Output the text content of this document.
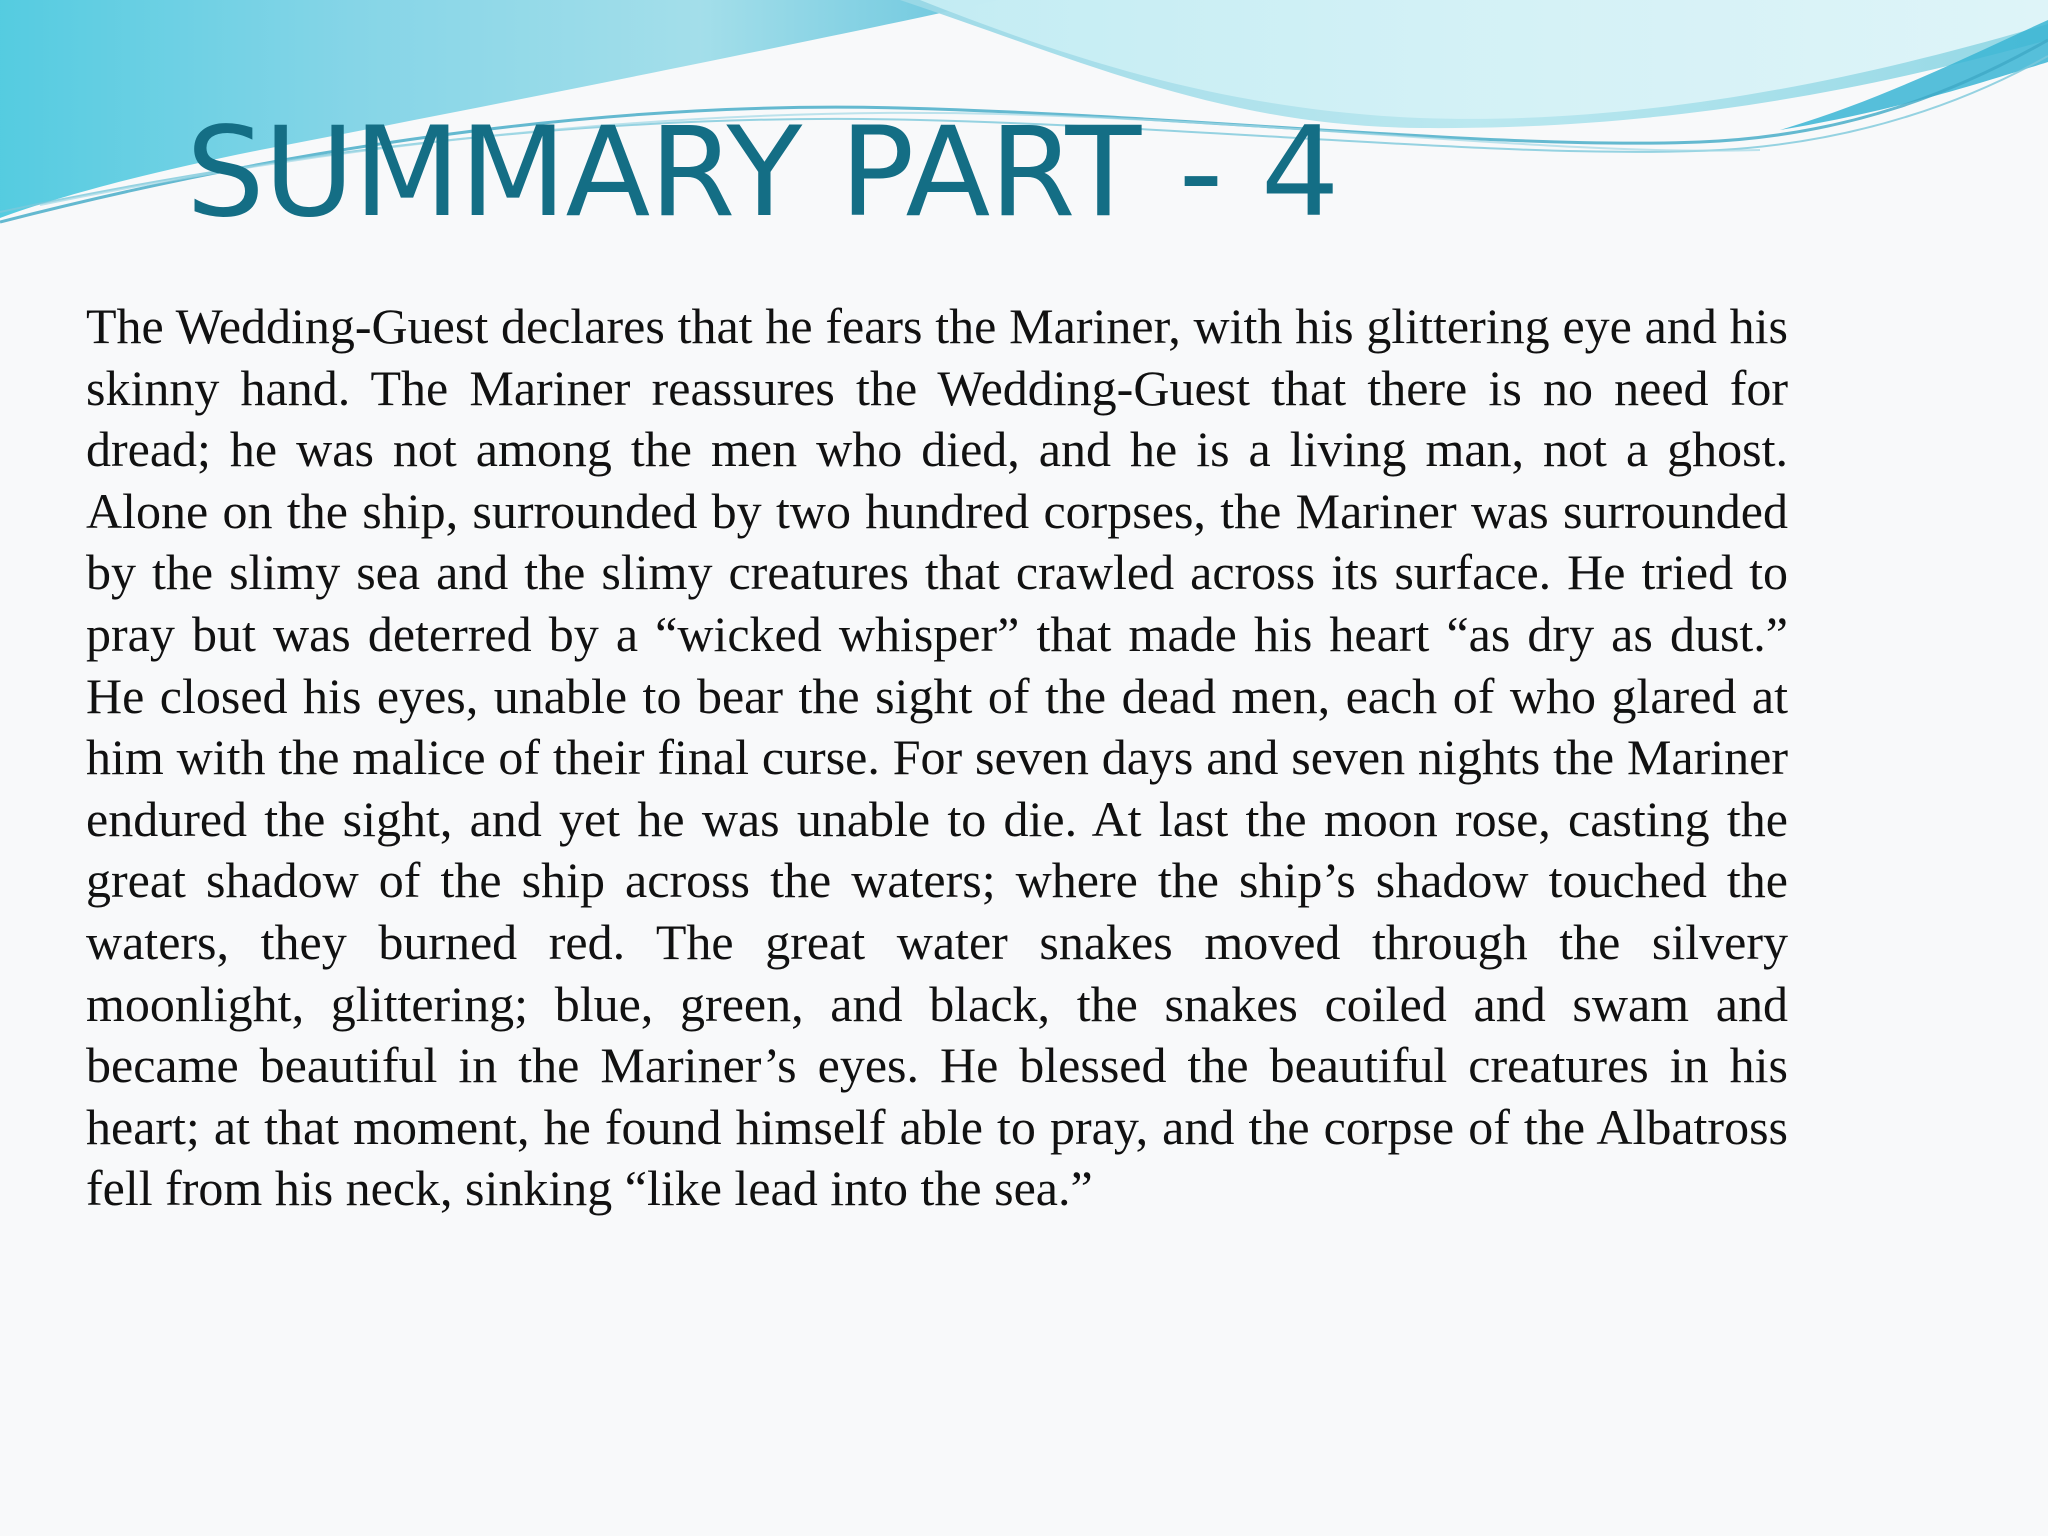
SUMMARY PART - 4

The Wedding-Guest declares that he fears the Mariner, with his glittering eye and his skinny hand. The Mariner reassures the Wedding-Guest that there is no need for dread; he was not among the men who died, and he is a living man, not a ghost. Alone on the ship, surrounded by two hundred corpses, the Mariner was surrounded by the slimy sea and the slimy creatures that crawled across its surface. He tried to pray but was deterred by a “wicked whisper” that made his heart “as dry as dust.” He closed his eyes, unable to bear the sight of the dead men, each of who glared at him with the malice of their final curse. For seven days and seven nights the Mariner endured the sight, and yet he was unable to die. At last the moon rose, casting the great shadow of the ship across the waters; where the ship’s shadow touched the waters, they burned red. The great water snakes moved through the silvery moonlight, glittering; blue, green, and black, the snakes coiled and swam and became beautiful in the Mariner’s eyes. He blessed the beautiful creatures in his heart; at that moment, he found himself able to pray, and the corpse of the Albatross fell from his neck, sinking “like lead into the sea.”
